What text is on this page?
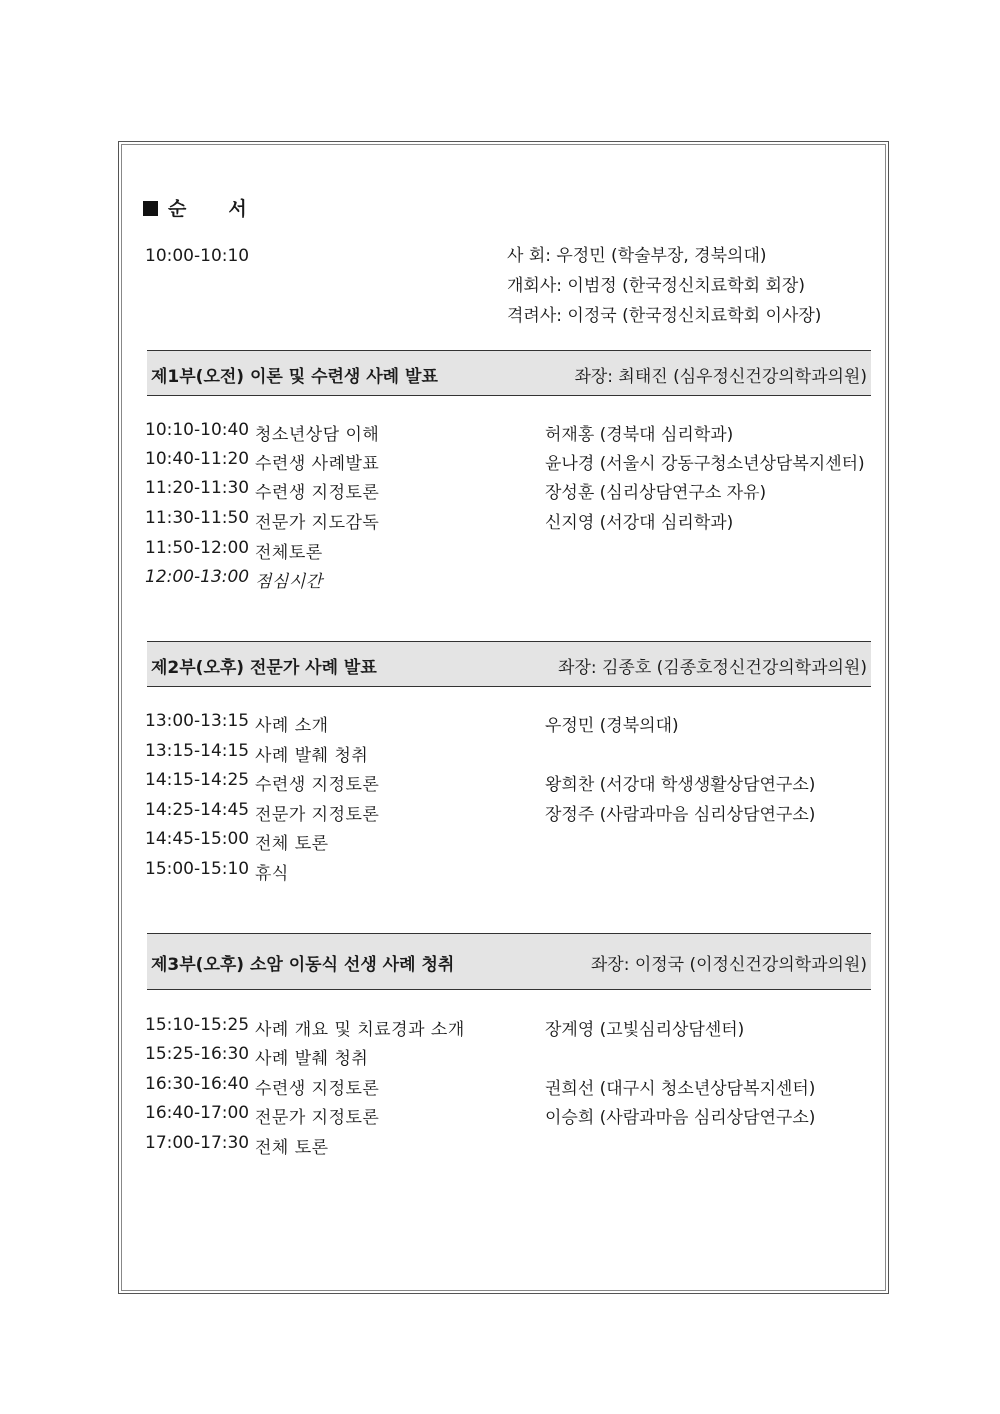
순 서
10:00-10:10	사 회: 우정민 (학술부장, 경북의대)
개회사: 이범정 (한국정신치료학회 회장)
격려사: 이정국 (한국정신치료학회 이사장)
제1부(오전) 이론 및 수련생 사례 발표	좌장: 최태진 (심우정신건강의학과의원)
10:10-10:40 청소년상담 이해	허재홍 (경북대 심리학과)
10:40-11:20 수련생 사례발표	윤나경 (서울시 강동구청소년상담복지센터)
11:20-11:30 수련생 지정토론	장성훈 (심리상담연구소 자유)
11:30-11:50 전문가 지도감독	신지영 (서강대 심리학과)
11:50-12:00 전체토론
12:00-13:00 점심시간
제2부(오후) 전문가 사례 발표	좌장: 김종호 (김종호정신건강의학과의원)
13:00-13:15 사례 소개	우정민 (경북의대)
13:15-14:15 사례 발췌 청취
14:15-14:25 수련생 지정토론	왕희찬 (서강대 학생생활상담연구소)
14:25-14:45 전문가 지정토론	장정주 (사람과마음 심리상담연구소)
14:45-15:00 전체 토론
15:00-15:10 휴식
제3부(오후) 소암 이동식 선생 사례 청취	좌장: 이정국 (이정신건강의학과의원)
15:10-15:25 사례 개요 및 치료경과 소개	장계영 (고빛심리상담센터)
15:25-16:30 사례 발췌 청취
16:30-16:40 수련생 지정토론	권희선 (대구시 청소년상담복지센터)
16:40-17:00 전문가 지정토론	이승희 (사람과마음 심리상담연구소)
17:00-17:30 전체 토론
